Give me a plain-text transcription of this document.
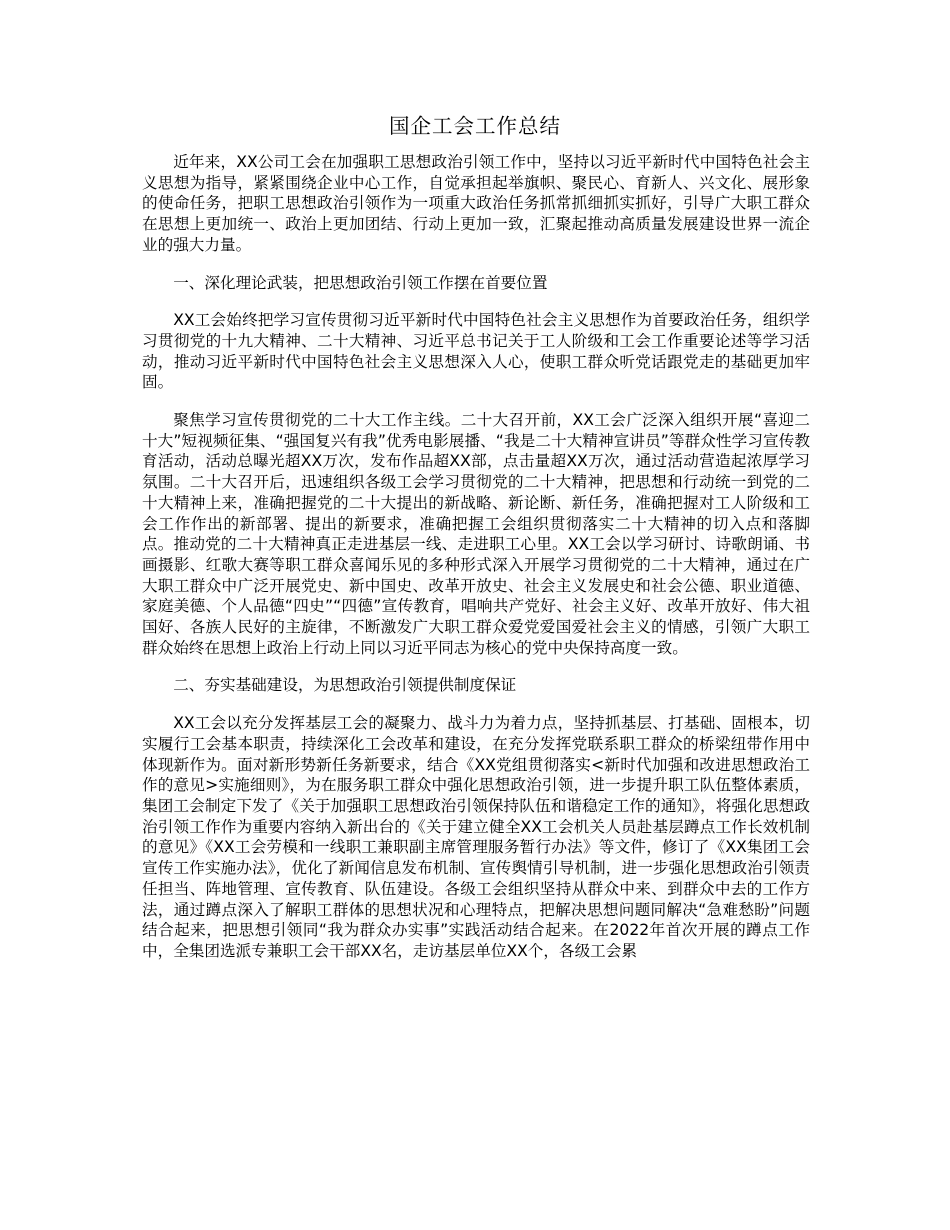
国企工会工作总结

近年来，XX公司工会在加强职工思想政治引领工作中，坚持以习近平新时代中国特色社会主义思想为指导，紧紧围绕企业中心工作，自觉承担起举旗帜、聚民心、育新人、兴文化、展形象的使命任务，把职工思想政治引领作为一项重大政治任务抓常抓细抓实抓好，引导广大职工群众在思想上更加统一、政治上更加团结、行动上更加一致，汇聚起推动高质量发展建设世界一流企业的强大力量。

一、深化理论武装，把思想政治引领工作摆在首要位置

XX工会始终把学习宣传贯彻习近平新时代中国特色社会主义思想作为首要政治任务，组织学习贯彻党的十九大精神、二十大精神、习近平总书记关于工人阶级和工会工作重要论述等学习活动，推动习近平新时代中国特色社会主义思想深入人心，使职工群众听党话跟党走的基础更加牢固。

聚焦学习宣传贯彻党的二十大工作主线。二十大召开前，XX工会广泛深入组织开展“喜迎二十大”短视频征集、“强国复兴有我”优秀电影展播、“我是二十大精神宣讲员”等群众性学习宣传教育活动，活动总曝光超XX万次，发布作品超XX部，点击量超XX万次，通过活动营造起浓厚学习氛围。二十大召开后，迅速组织各级工会学习贯彻党的二十大精神，把思想和行动统一到党的二十大精神上来，准确把握党的二十大提出的新战略、新论断、新任务，准确把握对工人阶级和工会工作作出的新部署、提出的新要求，准确把握工会组织贯彻落实二十大精神的切入点和落脚点。推动党的二十大精神真正走进基层一线、走进职工心里。XX工会以学习研讨、诗歌朗诵、书画摄影、红歌大赛等职工群众喜闻乐见的多种形式深入开展学习贯彻党的二十大精神，通过在广大职工群众中广泛开展党史、新中国史、改革开放史、社会主义发展史和社会公德、职业道德、家庭美德、个人品德“四史”“四德”宣传教育，唱响共产党好、社会主义好、改革开放好、伟大祖国好、各族人民好的主旋律，不断激发广大职工群众爱党爱国爱社会主义的情感，引领广大职工群众始终在思想上政治上行动上同以习近平同志为核心的党中央保持高度一致。

二、夯实基础建设，为思想政治引领提供制度保证

XX工会以充分发挥基层工会的凝聚力、战斗力为着力点，坚持抓基层、打基础、固根本，切实履行工会基本职责，持续深化工会改革和建设，在充分发挥党联系职工群众的桥梁纽带作用中体现新作为。面对新形势新任务新要求，结合《XX党组贯彻落实<新时代加强和改进思想政治工作的意见>实施细则》，为在服务职工群众中强化思想政治引领，进一步提升职工队伍整体素质，集团工会制定下发了《关于加强职工思想政治引领保持队伍和谐稳定工作的通知》，将强化思想政治引领工作作为重要内容纳入新出台的《关于建立健全XX工会机关人员赴基层蹲点工作长效机制的意见》《XX工会劳模和一线职工兼职副主席管理服务暂行办法》等文件，修订了《XX集团工会宣传工作实施办法》，优化了新闻信息发布机制、宣传舆情引导机制，进一步强化思想政治引领责任担当、阵地管理、宣传教育、队伍建设。各级工会组织坚持从群众中来、到群众中去的工作方法，通过蹲点深入了解职工群体的思想状况和心理特点，把解决思想问题同解决“急难愁盼”问题结合起来，把思想引领同“我为群众办实事”实践活动结合起来。在2022年首次开展的蹲点工作中，全集团选派专兼职工会干部XX名，走访基层单位XX个，各级工会累
